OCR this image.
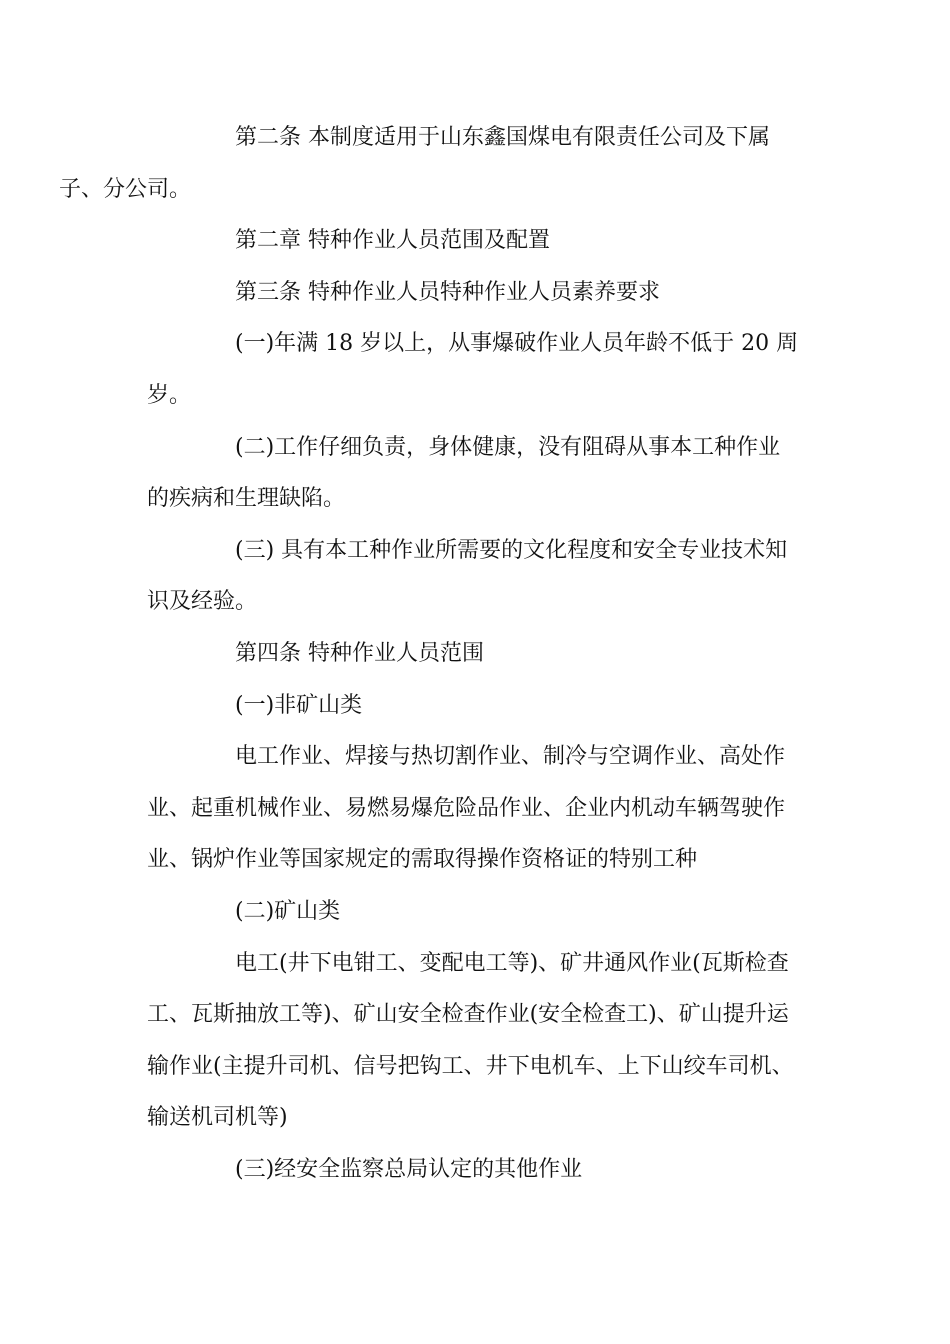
第二条 本制度适用于山东鑫国煤电有限责任公司及下属
子、分公司。

第二章 特种作业人员范围及配置

第三条 特种作业人员特种作业人员素养要求

(一)年满 18 岁以上，从事爆破作业人员年龄不低于 20 周
岁。

(二)工作仔细负责，身体健康，没有阻碍从事本工种作业
的疾病和生理缺陷。

(三) 具有本工种作业所需要的文化程度和安全专业技术知
识及经验。

第四条 特种作业人员范围

(一)非矿山类

电工作业、焊接与热切割作业、制冷与空调作业、高处作
业、起重机械作业、易燃易爆危险品作业、企业内机动车辆驾驶作
业、锅炉作业等国家规定的需取得操作资格证的特别工种

(二)矿山类

电工(井下电钳工、变配电工等)、矿井通风作业(瓦斯检查
工、瓦斯抽放工等)、矿山安全检查作业(安全检查工)、矿山提升运
输作业(主提升司机、信号把钩工、井下电机车、上下山绞车司机、
输送机司机等)

(三)经安全监察总局认定的其他作业
